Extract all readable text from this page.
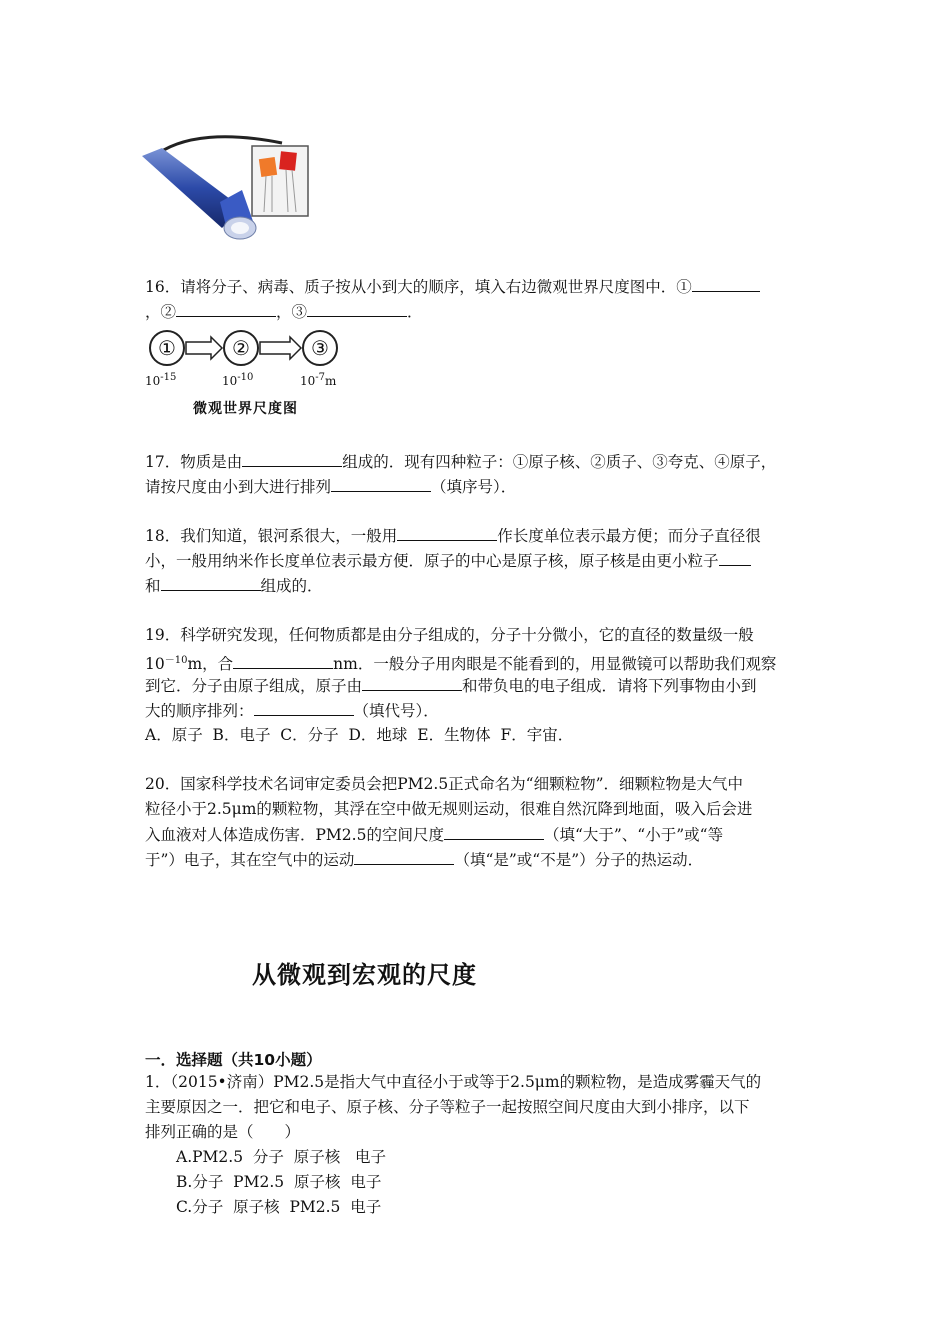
16．请将分子、病毒、质子按从小到大的顺序，填入右边微观世界尺度图中．①
，②	，③	．
①	②	③
$10^{-15}$	$10^{-10}$	$10^{-7}m$
微观世界尺度图
17．物质是由	组成的．现有四种粒子：①原子核、②质子、③夸克、④原子，
请按尺度由小到大进行排列	（填序号）．
18．我们知道，银河系很大，一般用	作长度单位表示最方便；而分子直径很
小，一般用纳米作长度单位表示最方便．原子的中心是原子核，原子核是由更小粒子
和	组成的．
19．科学研究发现，任何物质都是由分子组成的，分子十分微小，它的直径的数量级一般
$10^{-10}m$，合	nm．一般分子用肉眼是不能看到的，用显微镜可以帮助我们观察
到它．分子由原子组成，原子由	和带负电的电子组成．请将下列事物由小到
大的顺序排列：	（填代号）．
A．原子  B．电子  C．分子  D．地球  E．生物体  F．宇宙．
20．国家科学技术名词审定委员会把PM2.5正式命名为“细颗粒物”．细颗粒物是大气中
粒径小于2.5μm的颗粒物，其浮在空中做无规则运动，很难自然沉降到地面，吸入后会进
入血液对人体造成伤害．PM2.5的空间尺度	（填“大于”、“小于”或“等
于”）电子，其在空气中的运动	（填“是”或“不是”）分子的热运动．
从微观到宏观的尺度
一．选择题（共10小题）
1．（2015•济南）PM2.5是指大气中直径小于或等于2.5μm的颗粒物，是造成雾霾天气的
主要原因之一．把它和电子、原子核、分子等粒子一起按照空间尺度由大到小排序，以下
排列正确的是（　　）
A.PM2.5  分子  原子核   电子
B.分子  PM2.5  原子核  电子
C.分子  原子核  PM2.5  电子
